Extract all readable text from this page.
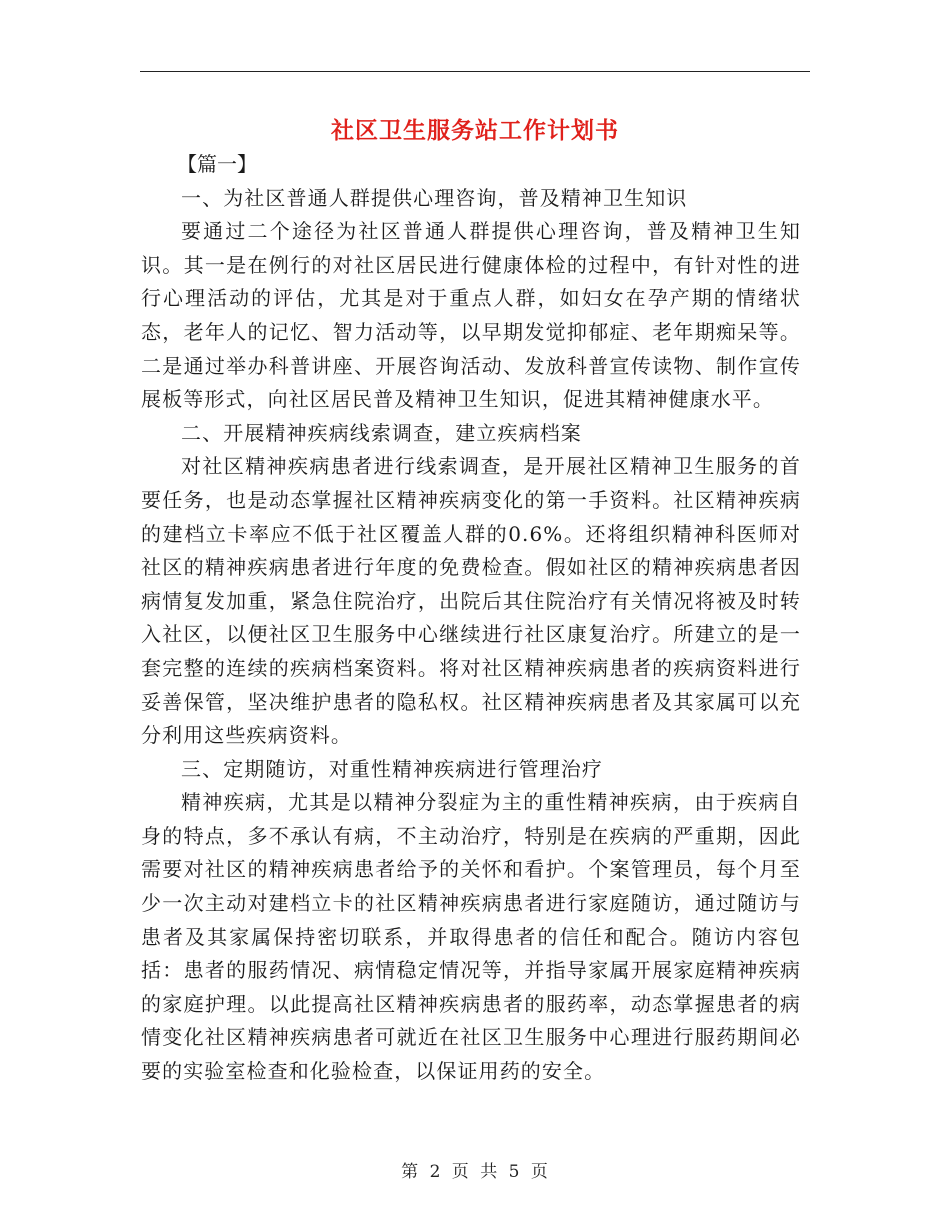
社区卫生服务站工作计划书

【篇一】

一、为社区普通人群提供心理咨询，普及精神卫生知识

要通过二个途径为社区普通人群提供心理咨询，普及精神卫生知识。其一是在例行的对社区居民进行健康体检的过程中，有针对性的进行心理活动的评估，尤其是对于重点人群，如妇女在孕产期的情绪状态，老年人的记忆、智力活动等，以早期发觉抑郁症、老年期痴呆等。二是通过举办科普讲座、开展咨询活动、发放科普宣传读物、制作宣传展板等形式，向社区居民普及精神卫生知识，促进其精神健康水平。

二、开展精神疾病线索调查，建立疾病档案

对社区精神疾病患者进行线索调查，是开展社区精神卫生服务的首要任务，也是动态掌握社区精神疾病变化的第一手资料。社区精神疾病的建档立卡率应不低于社区覆盖人群的0.6%。还将组织精神科医师对社区的精神疾病患者进行年度的免费检查。假如社区的精神疾病患者因病情复发加重，紧急住院治疗，出院后其住院治疗有关情况将被及时转入社区，以便社区卫生服务中心继续进行社区康复治疗。所建立的是一套完整的连续的疾病档案资料。将对社区精神疾病患者的疾病资料进行妥善保管，坚决维护患者的隐私权。社区精神疾病患者及其家属可以充分利用这些疾病资料。

三、定期随访，对重性精神疾病进行管理治疗

精神疾病，尤其是以精神分裂症为主的重性精神疾病，由于疾病自身的特点，多不承认有病，不主动治疗，特别是在疾病的严重期，因此需要对社区的精神疾病患者给予的关怀和看护。个案管理员，每个月至少一次主动对建档立卡的社区精神疾病患者进行家庭随访，通过随访与患者及其家属保持密切联系，并取得患者的信任和配合。随访内容包括：患者的服药情况、病情稳定情况等，并指导家属开展家庭精神疾病的家庭护理。以此提高社区精神疾病患者的服药率，动态掌握患者的病情变化社区精神疾病患者可就近在社区卫生服务中心理进行服药期间必要的实验室检查和化验检查，以保证用药的安全。

第 2 页 共 5 页
